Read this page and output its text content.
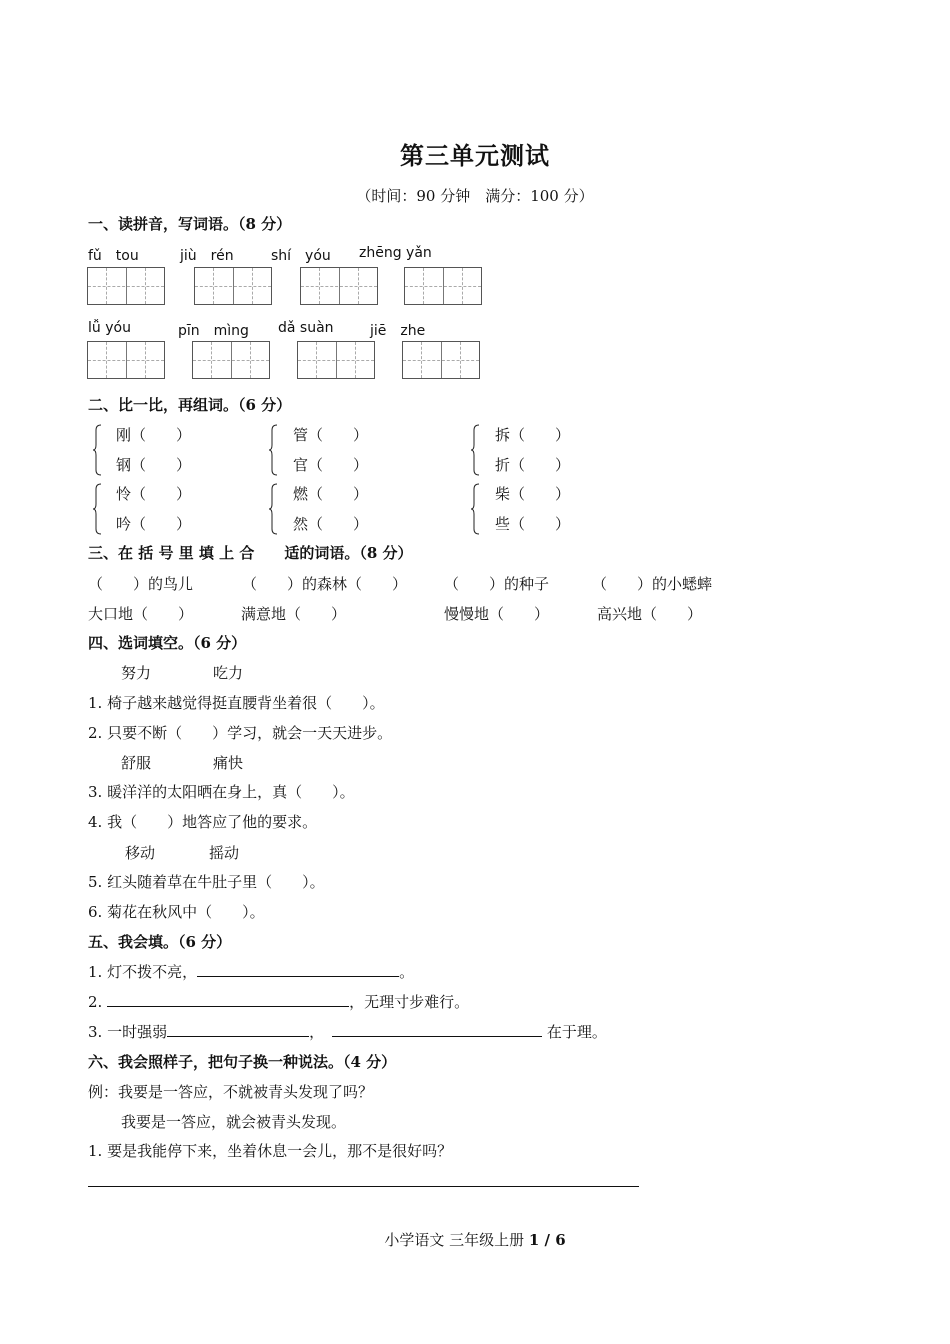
第三单元测试
（时间：90 分钟　满分：100 分）
一、读拼音，写词语。（8 分）
fǔ　tou	jiù　rén	shí　yóu zhēng yǎn
lǚ yóu	pīn　mìng dǎ suàn	jiē　zhe
二、比一比，再组词。（6 分）
刚（　　）
钢（　　）
管（　　）
官（　　）
拆（　　）
折（　　）
怜（　　）
吟（　　）
燃（　　）
然（　　）
柴（　　）
些（　　）
三、在 括 号 里 填 上 合　　适的词语。（8 分）
（　　）的鸟儿	（　　）的森林（　　） （　　）的种子	（　　）的小蟋蟀
大口地（　　）	满意地（　　）	慢慢地（　　）	高兴地（　　）
四、选词填空。（6 分）
努力	吃力
1. 椅子越来越觉得挺直腰背坐着很（　　）。
2. 只要不断（　　）学习，就会一天天进步。
舒服	痛快
3. 暖洋洋的太阳晒在身上，真（　　）。
4. 我（　　）地答应了他的要求。
移动	摇动
5. 红头随着草在牛肚子里（　　）。
6. 菊花在秋风中（　　）。
五、我会填。（6 分）
1. 灯不拨不亮，	。
2.	，无理寸步难行。
3. 一时强弱	，	在于理。
六、我会照样子，把句子换一种说法。（4 分）
例：我要是一答应，不就被青头发现了吗？
我要是一答应，就会被青头发现。
1. 要是我能停下来，坐着休息一会儿，那不是很好吗？
小学语文 三年级上册 1 / 6
